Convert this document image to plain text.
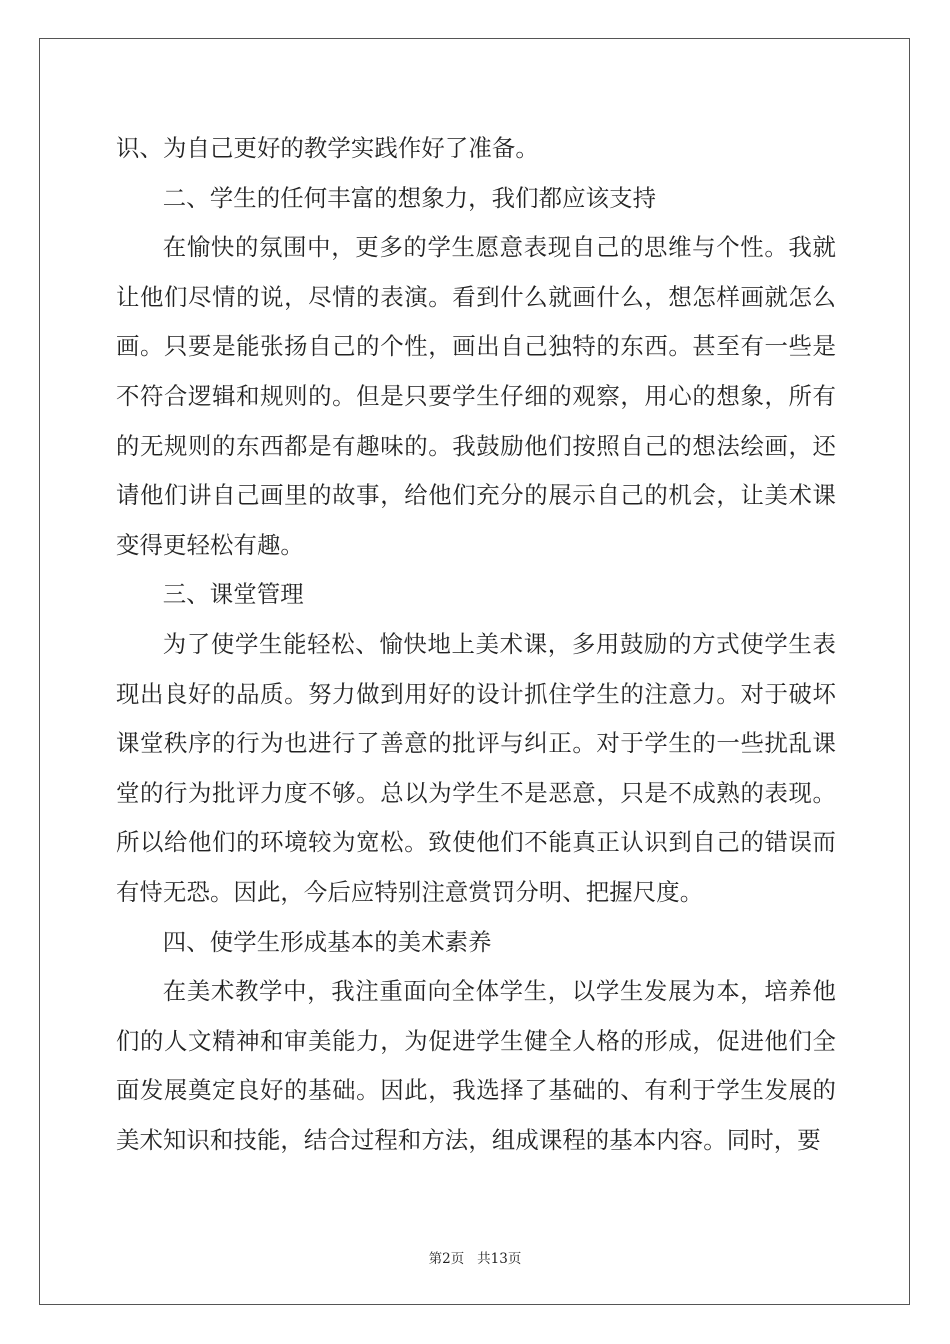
识、为自己更好的教学实践作好了准备。

二、学生的任何丰富的想象力，我们都应该支持

在愉快的氛围中，更多的学生愿意表现自己的思维与个性。我就让他们尽情的说，尽情的表演。看到什么就画什么，想怎样画就怎么画。只要是能张扬自己的个性，画出自己独特的东西。甚至有一些是不符合逻辑和规则的。但是只要学生仔细的观察，用心的想象，所有的无规则的东西都是有趣味的。我鼓励他们按照自己的想法绘画，还请他们讲自己画里的故事，给他们充分的展示自己的机会，让美术课变得更轻松有趣。

三、课堂管理

为了使学生能轻松、愉快地上美术课，多用鼓励的方式使学生表现出良好的品质。努力做到用好的设计抓住学生的注意力。对于破坏课堂秩序的行为也进行了善意的批评与纠正。对于学生的一些扰乱课堂的行为批评力度不够。总以为学生不是恶意，只是不成熟的表现。所以给他们的环境较为宽松。致使他们不能真正认识到自己的错误而有恃无恐。因此，今后应特别注意赏罚分明、把握尺度。

四、使学生形成基本的美术素养

在美术教学中，我注重面向全体学生，以学生发展为本，培养他们的人文精神和审美能力，为促进学生健全人格的形成，促进他们全面发展奠定良好的基础。因此，我选择了基础的、有利于学生发展的美术知识和技能，结合过程和方法，组成课程的基本内容。同时，要

第2页 共13页
